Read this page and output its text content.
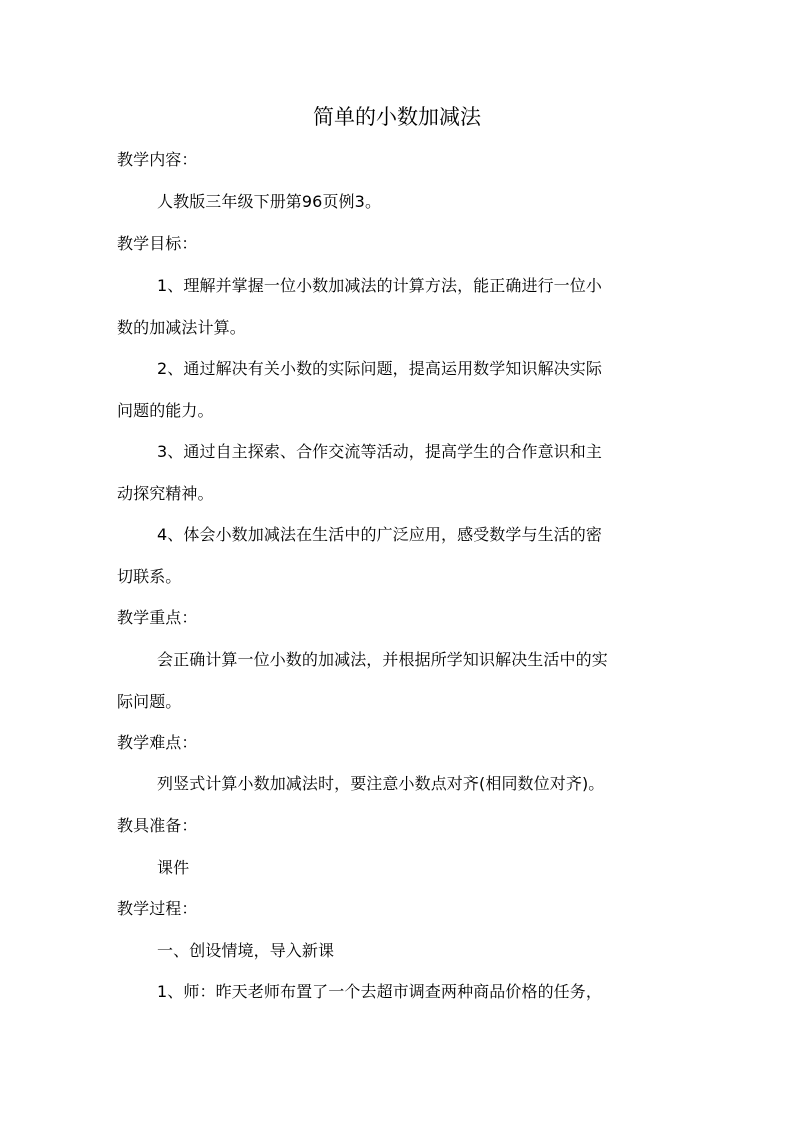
简单的小数加减法
教学内容：
人教版三年级下册第96页例3。
教学目标：
1、理解并掌握一位小数加减法的计算方法，能正确进行一位小
数的加减法计算。
2、通过解决有关小数的实际问题，提高运用数学知识解决实际
问题的能力。
3、通过自主探索、合作交流等活动，提高学生的合作意识和主
动探究精神。
4、体会小数加减法在生活中的广泛应用，感受数学与生活的密
切联系。
教学重点：
会正确计算一位小数的加减法，并根据所学知识解决生活中的实
际问题。
教学难点：
列竖式计算小数加减法时，要注意小数点对齐(相同数位对齐)。
教具准备：
课件
教学过程：
一、创设情境，导入新课
1、师：昨天老师布置了一个去超市调查两种商品价格的任务，
